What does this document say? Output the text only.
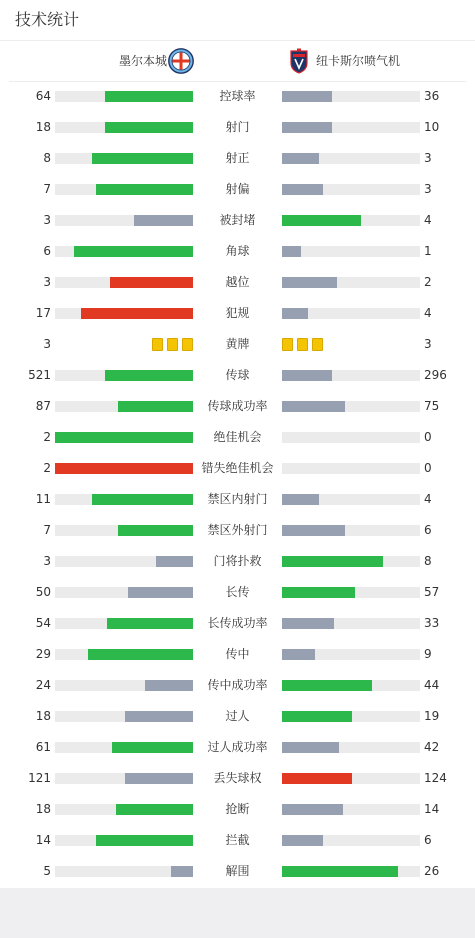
技术统计
墨尔本城	纽卡斯尔喷气机
64	控球率	36
18	射门	10
8	射正	3
7	射偏	3
3	被封堵	4
6	角球	1
3	越位	2
17	犯规	4
3	黄牌	3
521	传球	296
87	传球成功率	75
2	绝佳机会	0
2	错失绝佳机会	0
11	禁区内射门	4
7	禁区外射门	6
3	门将扑救	8
50	长传	57
54	长传成功率	33
29	传中	9
24	传中成功率	44
18	过人	19
61	过人成功率	42
121	丢失球权	124
18	抢断	14
14	拦截	6
5	解围	26
